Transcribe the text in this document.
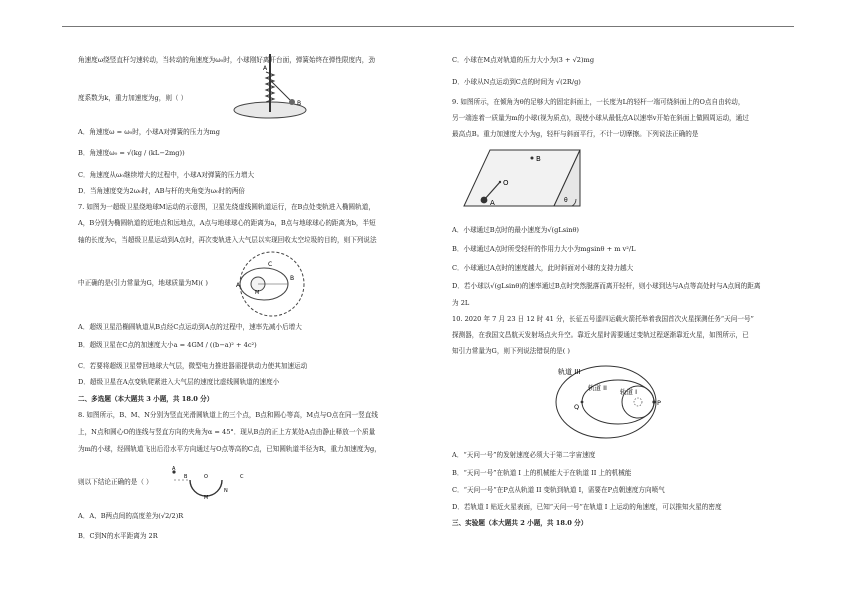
角速度ω绕竖直杆匀速转动，当转动的角速度为ω₀时，小球刚好离开台面，弹簧始终在弹性限度内，劲
度系数为k，重力加速度为g，则（ ）
A．角速度ω = ω₀时，小球A对弹簧的压力为mg
B．角速度ω₀ = √(kg / (kL−2mg))
C．角速度从ω₀继续增大的过程中，小球A对弹簧的压力增大
D．当角速度变为2ω₀时，AB与杆的夹角变为ω₀时的两倍
7. 如图为一超级卫星绕地球M运动的示意图，卫星先绕虚线圆轨道运行，在B点处变轨进入椭圆轨道，
A，B分别为椭圆轨道的近地点和远地点，A点与地球球心的距离为a，B点与地球球心的距离为b，半短
轴的长度为c，当超级卫星运动到A点时，再次变轨进入大气层以实现回收太空垃圾的目的，则下列说法
中正确的是(引力常量为G，地球质量为M)( )
A．超级卫星沿椭圆轨道从B点经C点运动到A点的过程中，速率先减小后增大
B．超级卫星在C点的加速度大小a = 4GM / ((b−a)² + 4c²)
C．若要将超级卫星带回地球大气层，微型电力推进器需提供动力使其加速运动
D．超级卫星在A点变轨爬紧进入大气层的速度比虚线圆轨道的速度小
二、多选题（本大题共 3 小题，共 18.0 分）
8. 如图所示，B、M、N分别为竖直光滑圆轨道上的三个点，B点和圆心等高，M点与O点在同一竖直线
上，N点和圆心O的连线与竖直方向的夹角为α = 45°．现从B点的正上方某处A点由静止释放一个质量
为m的小球，经圆轨道飞出后沿水平方向通过与O点等高的C点，已知圆轨道半径为R，重力加速度为g，
则以下结论正确的是（ ）
A．A、B两点间的高度差为(√2/2)R
B．C到N的水平距离为 2R
A
B
B
C
A
M
A
B
M
N
O	C
C．小球在M点对轨道的压力大小为(3 + √2)mg
D．小球从N点运动到C点的时间为 √(2R/g)
9. 如图所示，在倾角为θ的足够大的固定斜面上，一长度为L的轻杆一端可绕斜面上的O点自由转动，
另一端连着一质量为m的小球(视为质点)，现使小球从最低点A以速率v开始在斜面上做圆周运动，通过
最高点B。重力加速度大小为g，轻杆与斜面平行，不计一切摩擦。下列说法正确的是
A．小球通过B点时的最小速度为√(gLsinθ)
B．小球通过A点时所受轻杆的作用力大小为mgsinθ + m v²/L
C．小球通过A点时的速度越大，此时斜面对小球的支持力越大
D．若小球以√(gLsinθ)的速率通过B点时突然脱落而离开轻杆，则小球到达与A点等高处时与A点间的距离
为 2L
10. 2020 年 7 月 23 日 12 时 41 分，长征五号遥四运载火箭托举着我国首次火星探测任务“天问一号”
探测器，在我国文昌航天发射场点火升空。靠近火星时需要通过变轨过程逐渐靠近火星，如图所示，已
知引力常量为G，则下列说法错误的是( )
A．“天问一号”的发射速度必须大于第二宇宙速度
B．“天问一号”在轨道 I 上的机械能大于在轨道 II 上的机械能
C．“天问一号”在P点从轨道 II 变轨到轨道 I，需要在P点朝速度方向喷气
D．若轨道 I 贴近火星表面，已知“天问一号”在轨道 I 上运动的角速度，可以推知火星的密度
三、实验题（本大题共 2 小题，共 18.0 分）
B
O
A	θ
轨道 III
轨道 II 轨道 I
Q	P
